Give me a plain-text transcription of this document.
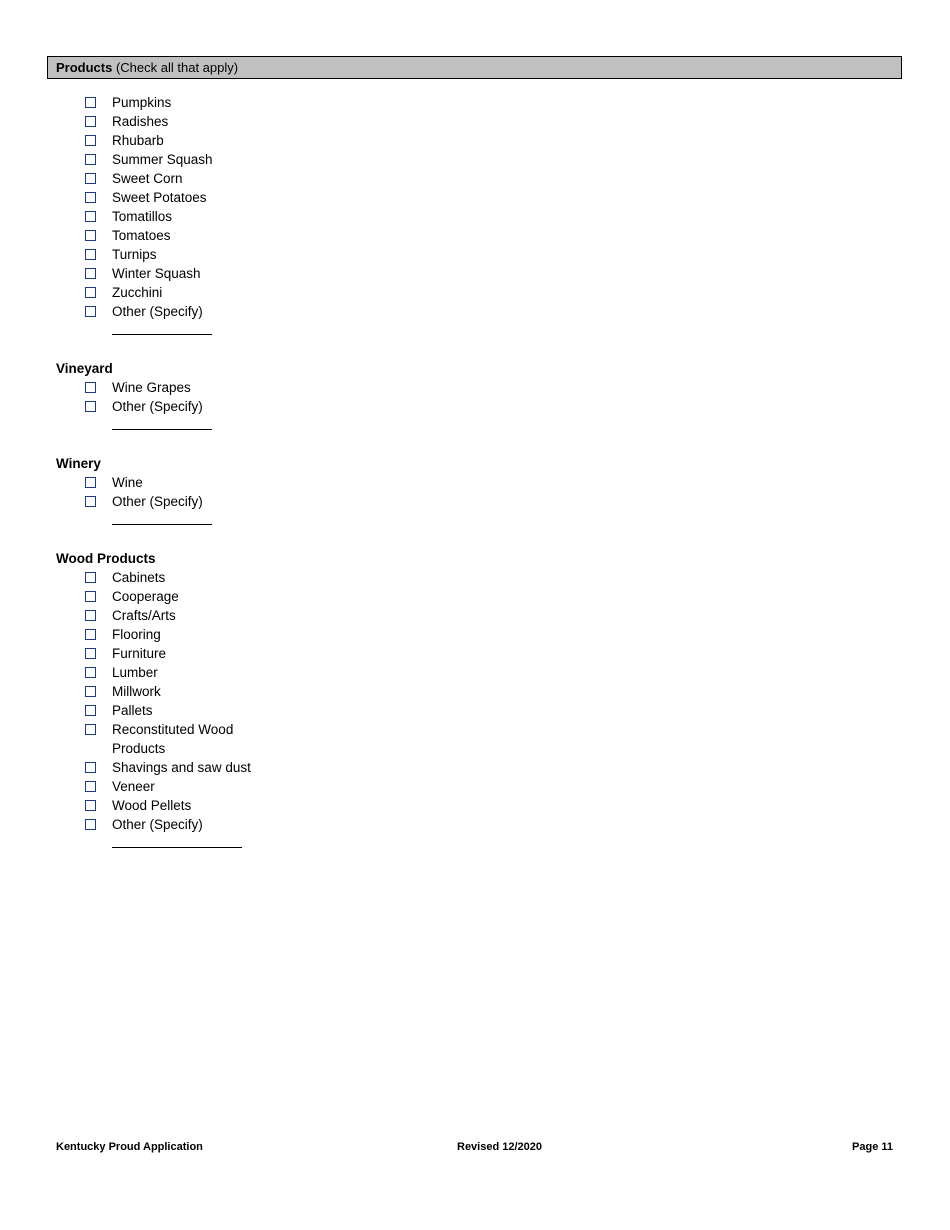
Products (Check all that apply)
Pumpkins
Radishes
Rhubarb
Summer Squash
Sweet Corn
Sweet Potatoes
Tomatillos
Tomatoes
Turnips
Winter Squash
Zucchini
Other (Specify)
Vineyard
Wine Grapes
Other (Specify)
Winery
Wine
Other (Specify)
Wood Products
Cabinets
Cooperage
Crafts/Arts
Flooring
Furniture
Lumber
Millwork
Pallets
Reconstituted Wood Products
Shavings and saw dust
Veneer
Wood Pellets
Other (Specify)
Kentucky Proud Application	Revised 12/2020	Page 11
